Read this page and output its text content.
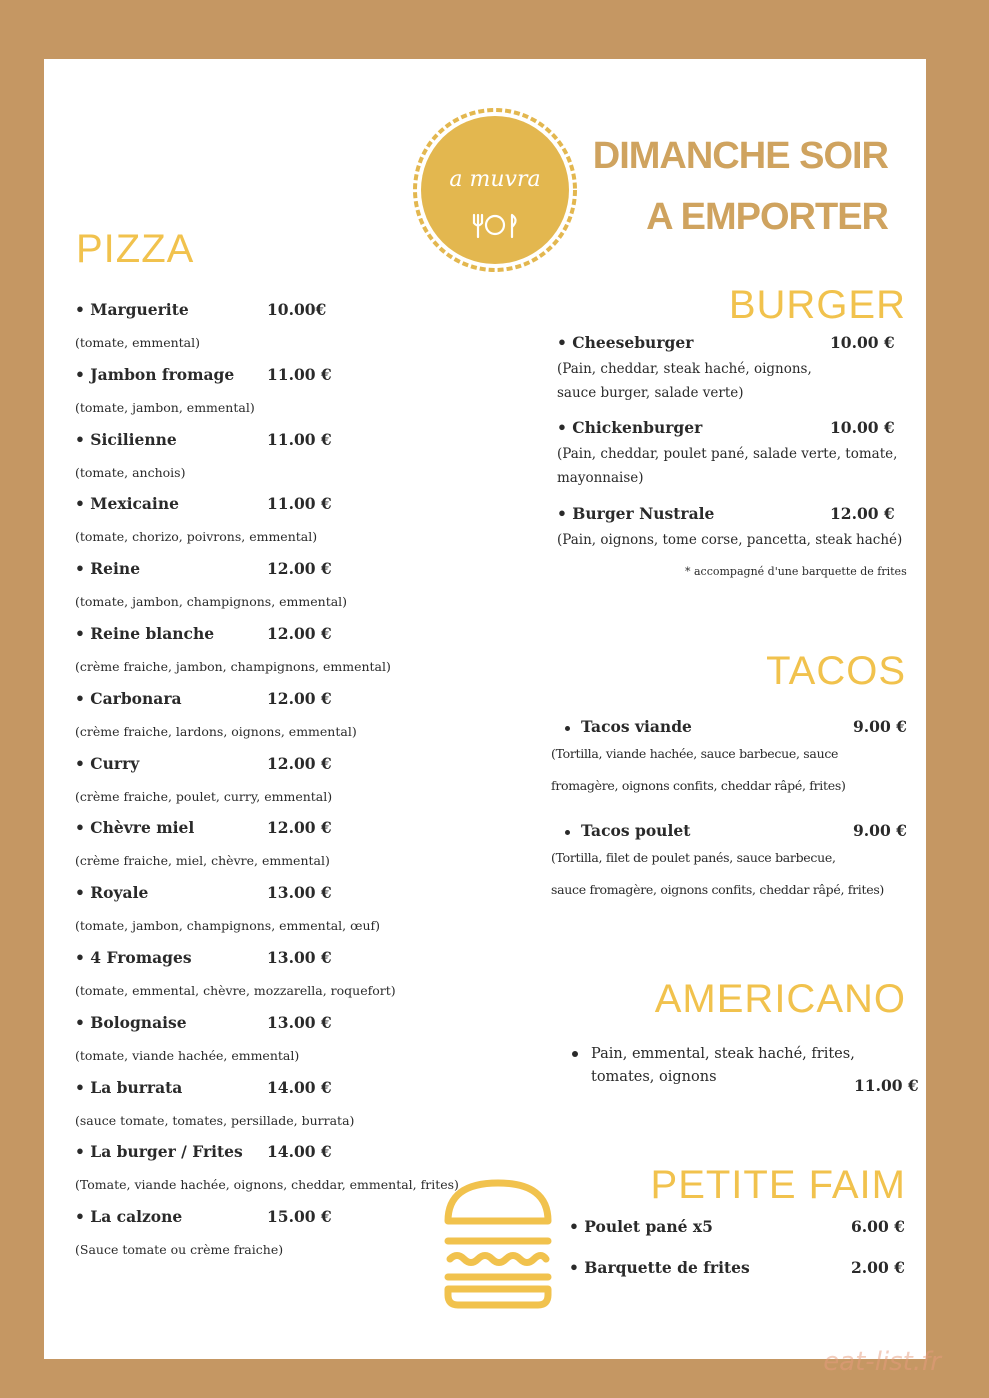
a muvra
DIMANCHE SOIR
A EMPORTER
PIZZA
• Marguerite	10.00€
(tomate, emmental)
• Jambon fromage 11.00 €
(tomate, jambon, emmental)
• Sicilienne	11.00 €
(tomate, anchois)
• Mexicaine	11.00 €
(tomate, chorizo, poivrons, emmental)
• Reine	12.00 €
(tomate, jambon, champignons, emmental)
• Reine blanche	12.00 €
(crème fraiche, jambon, champignons, emmental)
• Carbonara	12.00 €
(crème fraiche, lardons, oignons, emmental)
• Curry	12.00 €
(crème fraiche, poulet, curry, emmental)
• Chèvre miel	12.00 €
(crème fraiche, miel, chèvre, emmental)
• Royale	13.00 €
(tomate, jambon, champignons, emmental, œuf)
• 4 Fromages	13.00 €
(tomate, emmental, chèvre, mozzarella, roquefort)
• Bolognaise	13.00 €
(tomate, viande hachée, emmental)
• La burrata	14.00 €
(sauce tomate, tomates, persillade, burrata)
• La burger / Frites 14.00 €
(Tomate, viande hachée, oignons, cheddar, emmental, frites)
• La calzone	15.00 €
(Sauce tomate ou crème fraiche)
BURGER
• Cheeseburger	10.00 €
(Pain, cheddar, steak haché, oignons,
sauce burger, salade verte)
• Chickenburger	10.00 €
(Pain, cheddar, poulet pané, salade verte, tomate,
mayonnaise)
• Burger Nustrale	12.00 €
(Pain, oignons, tome corse, pancetta, steak haché)
* accompagné d'une barquette de frites
TACOS
Tacos viande	9.00 €
(Tortilla, viande hachée, sauce barbecue, sauce
fromagère, oignons confits, cheddar râpé, frites)
Tacos poulet	9.00 €
(Tortilla, filet de poulet panés, sauce barbecue,
sauce fromagère, oignons confits, cheddar râpé, frites)
AMERICANO
Pain, emmental, steak haché, frites,
tomates, oignons	11.00 €
PETITE FAIM
• Poulet pané x5	6.00 €
• Barquette de frites	2.00 €
eat-list.fr
